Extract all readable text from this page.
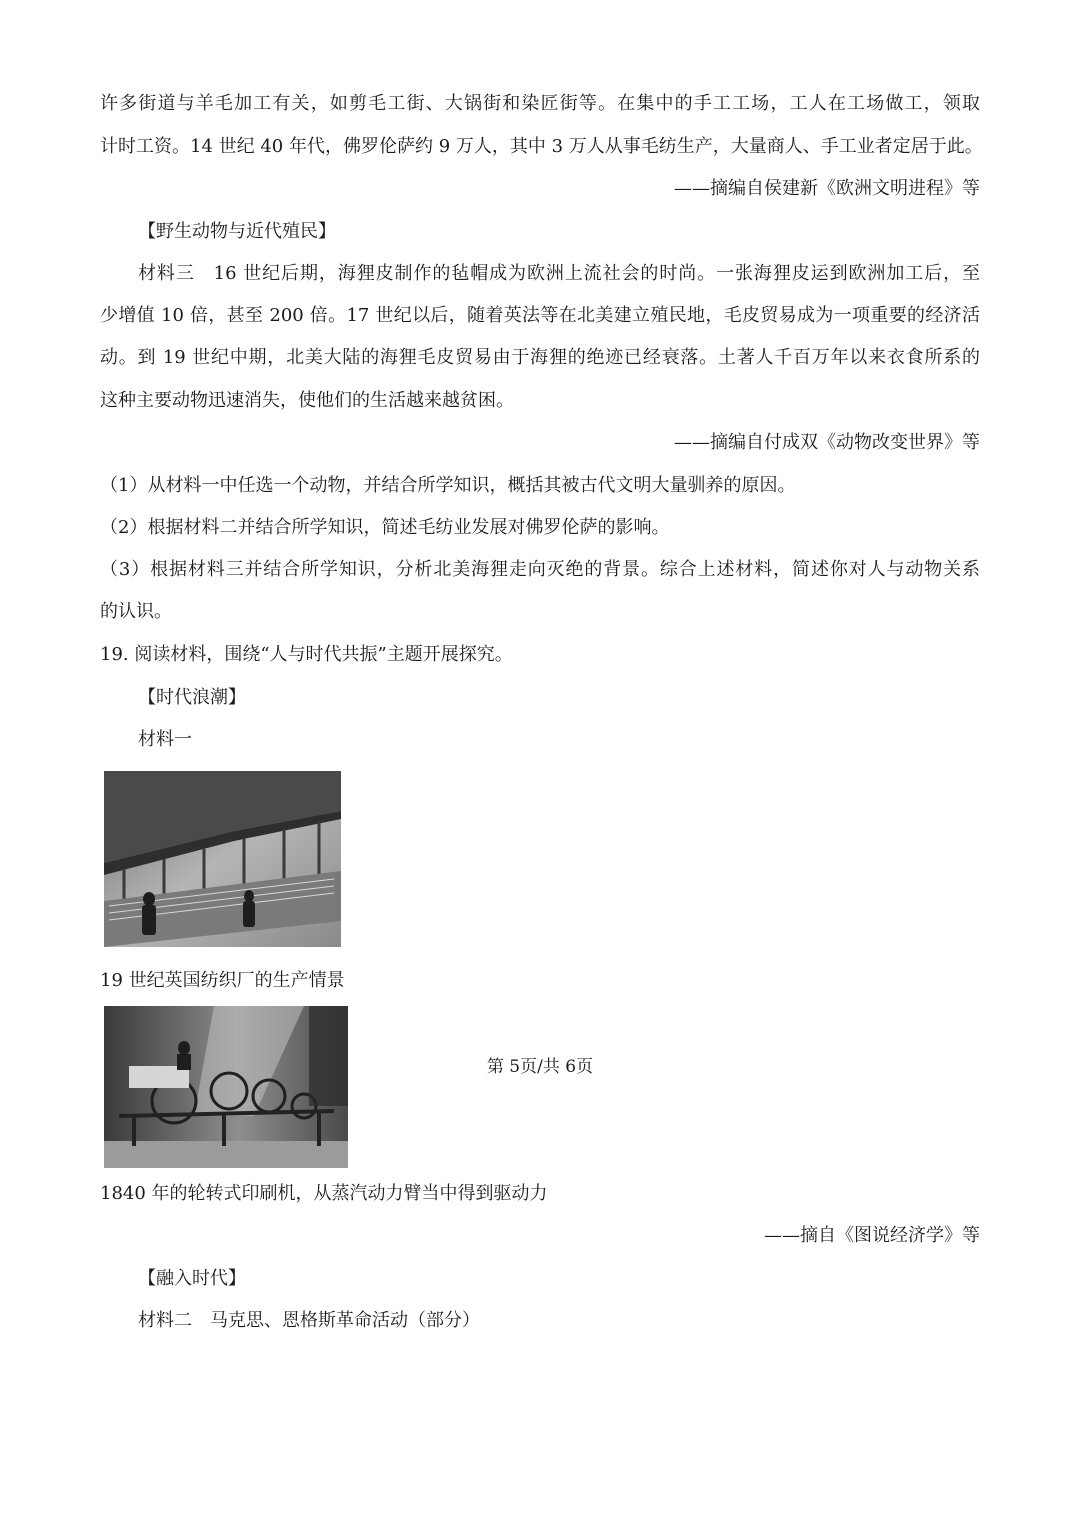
许多街道与羊毛加工有关，如剪毛工街、大锅街和染匠街等。在集中的手工工场，工人在工场做工，领取
计时工资。14 世纪 40 年代，佛罗伦萨约 9 万人，其中 3 万人从事毛纺生产，大量商人、手工业者定居于此。
——摘编自侯建新《欧洲文明进程》等
【野生动物与近代殖民】
材料三　16 世纪后期，海狸皮制作的毡帽成为欧洲上流社会的时尚。一张海狸皮运到欧洲加工后，至
少增值 10 倍，甚至 200 倍。17 世纪以后，随着英法等在北美建立殖民地，毛皮贸易成为一项重要的经济活
动。到 19 世纪中期，北美大陆的海狸毛皮贸易由于海狸的绝迹已经衰落。土著人千百万年以来衣食所系的
这种主要动物迅速消失，使他们的生活越来越贫困。
——摘编自付成双《动物改变世界》等
（1）从材料一中任选一个动物，并结合所学知识，概括其被古代文明大量驯养的原因。
（2）根据材料二并结合所学知识，简述毛纺业发展对佛罗伦萨的影响。
（3）根据材料三并结合所学知识，分析北美海狸走向灭绝的背景。综合上述材料，简述你对人与动物关系
的认识。
19. 阅读材料，围绕“人与时代共振”主题开展探究。
【时代浪潮】
材料一
19 世纪英国纺织厂的生产情景
1840 年的轮转式印刷机，从蒸汽动力臂当中得到驱动力
——摘自《图说经济学》等
【融入时代】
材料二　马克思、恩格斯革命活动（部分）
第 5页/共 6页
